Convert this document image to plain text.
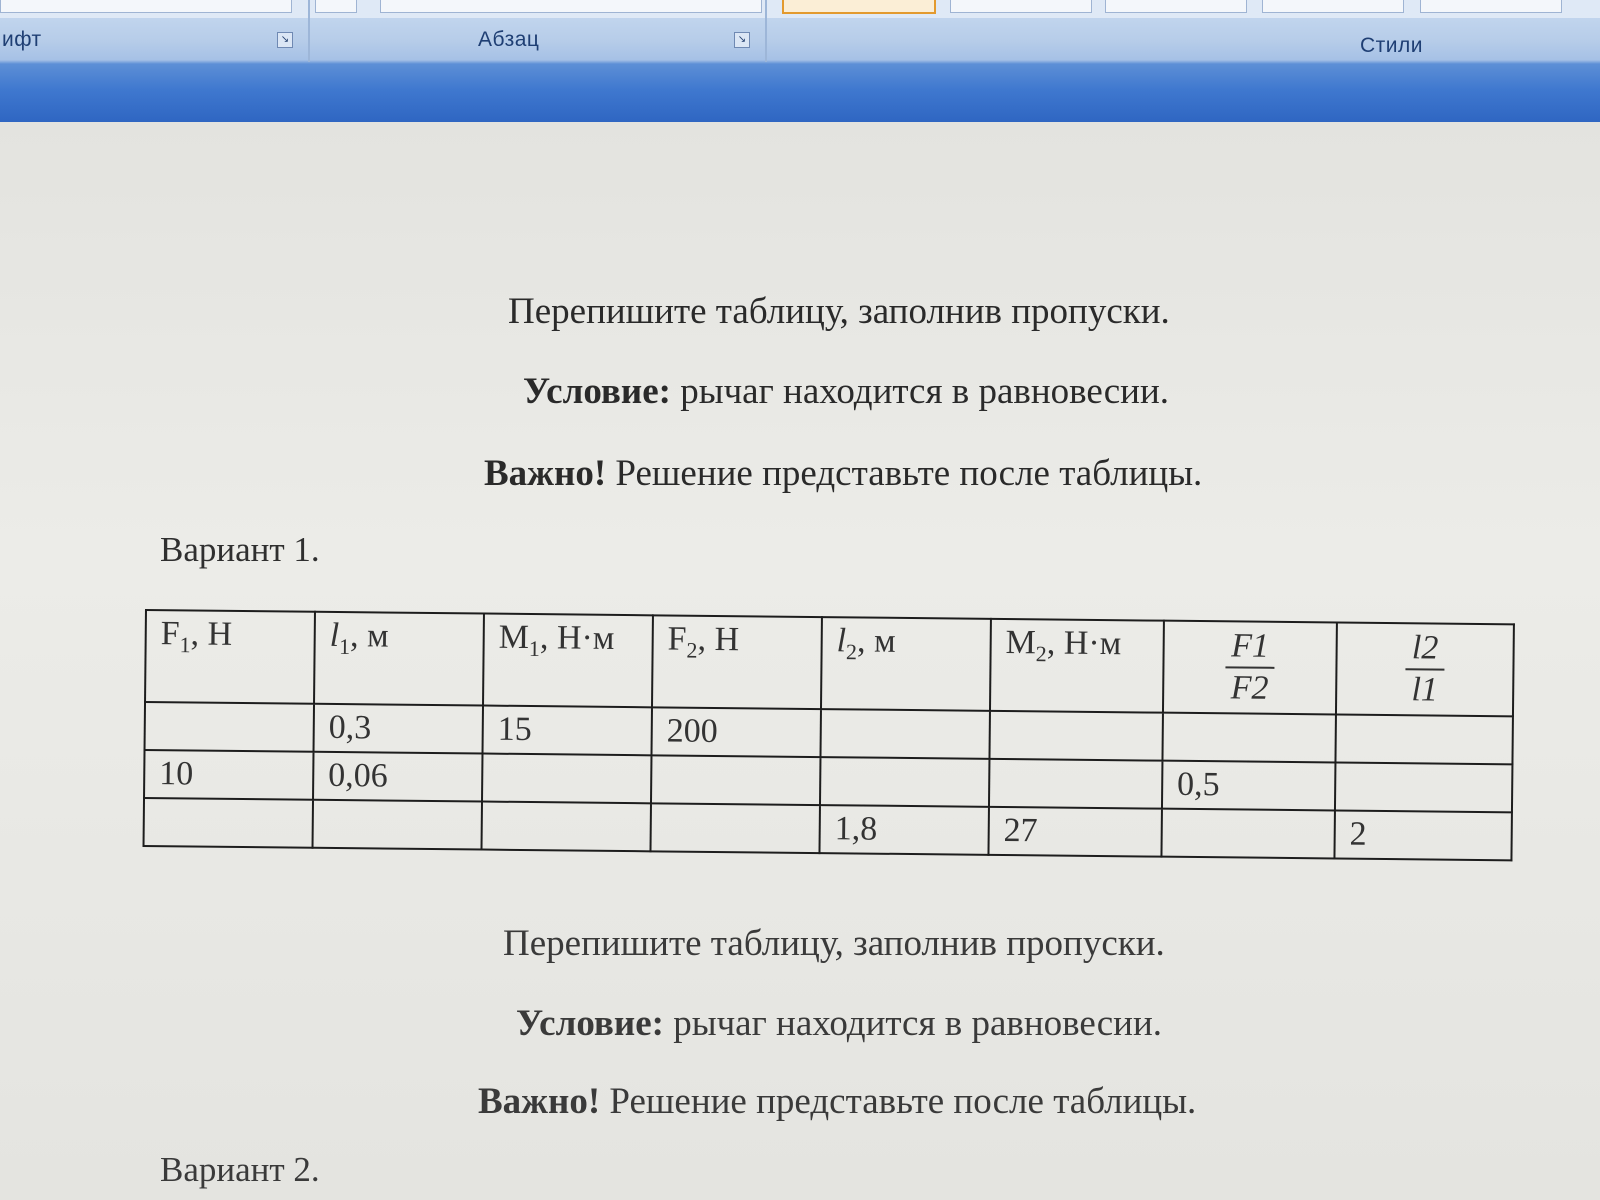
ифт	↘	Абзац	↘	Стили
Перепишите таблицу, заполнив пропуски.
Условие: рычаг находится в равновесии.
Важно! Решение представьте после таблицы.
Вариант 1.
$F_1$, Н	$l_1$, м	$M_1$, Н·м	$F_2$, Н	$l_2$, м	$M_2$, Н·м	$\frac{F1}{F2}$	$\frac{l2}{l1}$

	0,3	15	200				
10	0,06					0,5	
				1,8	27		2
Перепишите таблицу, заполнив пропуски.
Условие: рычаг находится в равновесии.
Важно! Решение представьте после таблицы.
Вариант 2.
